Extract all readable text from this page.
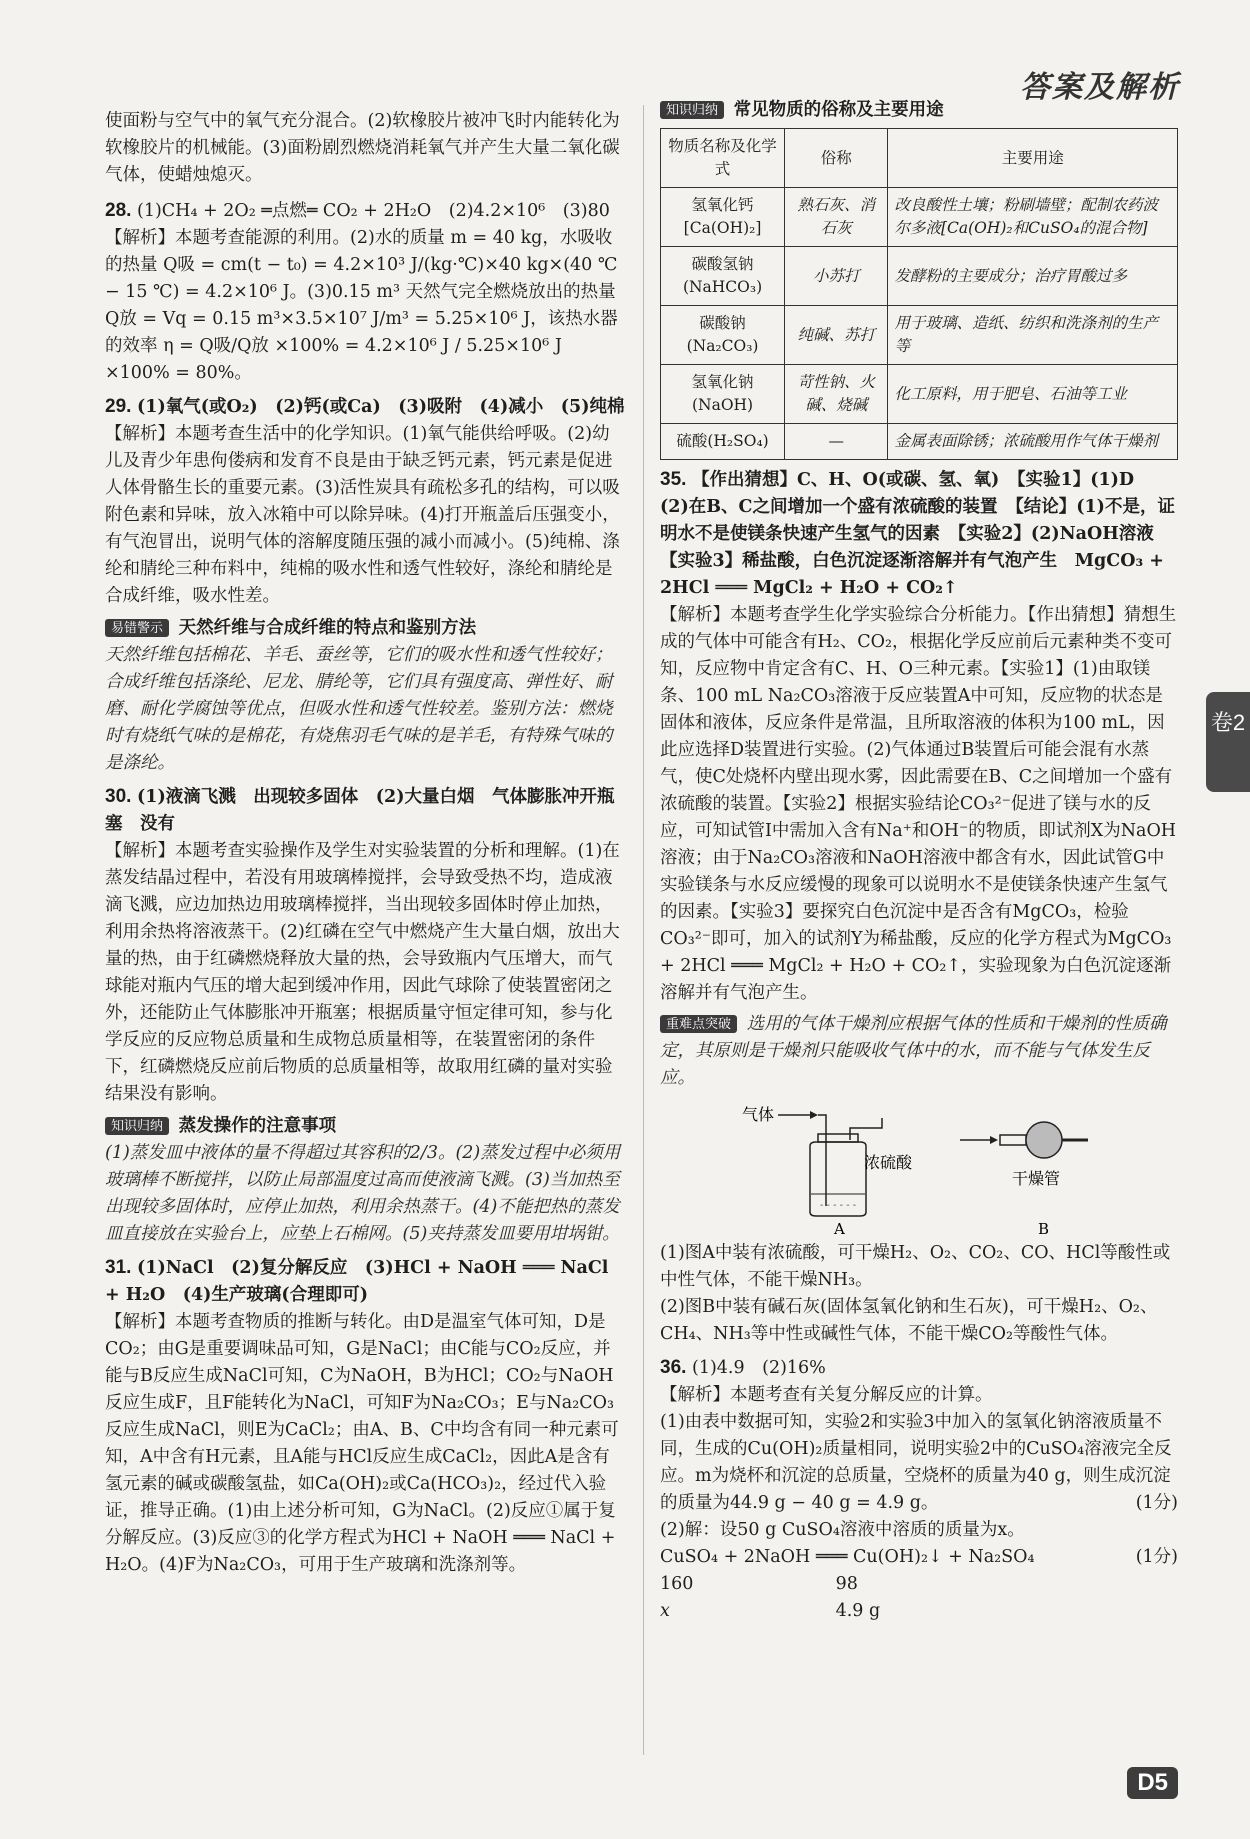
答案及解析

使面粉与空气中的氧气充分混合。(2)软橡胶片被冲飞时内能转化为软橡胶片的机械能。(3)面粉剧烈燃烧消耗氧气并产生大量二氧化碳气体，使蜡烛熄灭。

28. (1)CH₄ + 2O₂ ═点燃═ CO₂ + 2H₂O　(2)4.2×10⁶　(3)80

【解析】本题考查能源的利用。(2)水的质量 m = 40 kg，水吸收的热量 Q吸 = cm(t − t₀) = 4.2×10³ J/(kg·℃)×40 kg×(40 ℃ − 15 ℃) = 4.2×10⁶ J。(3)0.15 m³ 天然气完全燃烧放出的热量 Q放 = Vq = 0.15 m³×3.5×10⁷ J/m³ = 5.25×10⁶ J，该热水器的效率 η = Q吸/Q放 ×100% = 4.2×10⁶ J / 5.25×10⁶ J ×100% = 80%。

29. (1)氧气(或O₂)　(2)钙(或Ca)　(3)吸附　(4)减小　(5)纯棉

【解析】本题考查生活中的化学知识。(1)氧气能供给呼吸。(2)幼儿及青少年患佝偻病和发育不良是由于缺乏钙元素，钙元素是促进人体骨骼生长的重要元素。(3)活性炭具有疏松多孔的结构，可以吸附色素和异味，放入冰箱中可以除异味。(4)打开瓶盖后压强变小，有气泡冒出，说明气体的溶解度随压强的减小而减小。(5)纯棉、涤纶和腈纶三种布料中，纯棉的吸水性和透气性较好，涤纶和腈纶是合成纤维，吸水性差。

易错警示 天然纤维与合成纤维的特点和鉴别方法

天然纤维包括棉花、羊毛、蚕丝等，它们的吸水性和透气性较好；合成纤维包括涤纶、尼龙、腈纶等，它们具有强度高、弹性好、耐磨、耐化学腐蚀等优点，但吸水性和透气性较差。鉴别方法：燃烧时有烧纸气味的是棉花，有烧焦羽毛气味的是羊毛，有特殊气味的是涤纶。

30. (1)液滴飞溅　出现较多固体　(2)大量白烟　气体膨胀冲开瓶塞　没有

【解析】本题考查实验操作及学生对实验装置的分析和理解。(1)在蒸发结晶过程中，若没有用玻璃棒搅拌，会导致受热不均，造成液滴飞溅，应边加热边用玻璃棒搅拌，当出现较多固体时停止加热，利用余热将溶液蒸干。(2)红磷在空气中燃烧产生大量白烟，放出大量的热，由于红磷燃烧释放大量的热，会导致瓶内气压增大，而气球能对瓶内气压的增大起到缓冲作用，因此气球除了使装置密闭之外，还能防止气体膨胀冲开瓶塞；根据质量守恒定律可知，参与化学反应的反应物总质量和生成物总质量相等，在装置密闭的条件下，红磷燃烧反应前后物质的总质量相等，故取用红磷的量对实验结果没有影响。

知识归纳 蒸发操作的注意事项

(1)蒸发皿中液体的量不得超过其容积的2/3。(2)蒸发过程中必须用玻璃棒不断搅拌，以防止局部温度过高而使液滴飞溅。(3)当加热至出现较多固体时，应停止加热，利用余热蒸干。(4)不能把热的蒸发皿直接放在实验台上，应垫上石棉网。(5)夹持蒸发皿要用坩埚钳。

31. (1)NaCl　(2)复分解反应　(3)HCl + NaOH ═══ NaCl + H₂O　(4)生产玻璃(合理即可)

【解析】本题考查物质的推断与转化。由D是温室气体可知，D是CO₂；由G是重要调味品可知，G是NaCl；由C能与CO₂反应，并能与B反应生成NaCl可知，C为NaOH，B为HCl；CO₂与NaOH反应生成F，且F能转化为NaCl，可知F为Na₂CO₃；E与Na₂CO₃反应生成NaCl，则E为CaCl₂；由A、B、C中均含有同一种元素可知，A中含有H元素，且A能与HCl反应生成CaCl₂，因此A是含有氢元素的碱或碳酸氢盐，如Ca(OH)₂或Ca(HCO₃)₂，经过代入验证，推导正确。(1)由上述分析可知，G为NaCl。(2)反应①属于复分解反应。(3)反应③的化学方程式为HCl + NaOH ═══ NaCl + H₂O。(4)F为Na₂CO₃，可用于生产玻璃和洗涤剂等。

知识归纳 常见物质的俗称及主要用途

物质名称及化学式	俗称	主要用途
氢氧化钙[Ca(OH)₂]	熟石灰、消石灰	改良酸性土壤；粉刷墙壁；配制农药波尔多液[Ca(OH)₂和CuSO₄的混合物]
碳酸氢钠(NaHCO₃)	小苏打	发酵粉的主要成分；治疗胃酸过多
碳酸钠(Na₂CO₃)	纯碱、苏打	用于玻璃、造纸、纺织和洗涤剂的生产等
氢氧化钠(NaOH)	苛性钠、火碱、烧碱	化工原料，用于肥皂、石油等工业
硫酸(H₂SO₄)	—	金属表面除锈；浓硫酸用作气体干燥剂

35. 【作出猜想】C、H、O(或碳、氢、氧)　【实验1】(1)D　(2)在B、C之间增加一个盛有浓硫酸的装置　【结论】(1)不是，证明水不是使镁条快速产生氢气的因素　【实验2】(2)NaOH溶液　【实验3】稀盐酸，白色沉淀逐渐溶解并有气泡产生　MgCO₃ + 2HCl ═══ MgCl₂ + H₂O + CO₂↑

【解析】本题考查学生化学实验综合分析能力。【作出猜想】猜想生成的气体中可能含有H₂、CO₂，根据化学反应前后元素种类不变可知，反应物中肯定含有C、H、O三种元素。【实验1】(1)由取镁条、100 mL Na₂CO₃溶液于反应装置A中可知，反应物的状态是固体和液体，反应条件是常温，且所取溶液的体积为100 mL，因此应选择D装置进行实验。(2)气体通过B装置后可能会混有水蒸气，使C处烧杯内壁出现水雾，因此需要在B、C之间增加一个盛有浓硫酸的装置。【实验2】根据实验结论CO₃²⁻促进了镁与水的反应，可知试管I中需加入含有Na⁺和OH⁻的物质，即试剂X为NaOH溶液；由于Na₂CO₃溶液和NaOH溶液中都含有水，因此试管G中实验镁条与水反应缓慢的现象可以说明水不是使镁条快速产生氢气的因素。【实验3】要探究白色沉淀中是否含有MgCO₃，检验CO₃²⁻即可，加入的试剂Y为稀盐酸，反应的化学方程式为MgCO₃ + 2HCl ═══ MgCl₂ + H₂O + CO₂↑，实验现象为白色沉淀逐渐溶解并有气泡产生。

重难点突破 选用的气体干燥剂应根据气体的性质和干燥剂的性质确定，其原则是干燥剂只能吸收气体中的水，而不能与气体发生反应。

气体
- - - - - -
浓硫酸
A
干燥管
B

(1)图A中装有浓硫酸，可干燥H₂、O₂、CO₂、CO、HCl等酸性或中性气体，不能干燥NH₃。

(2)图B中装有碱石灰(固体氢氧化钠和生石灰)，可干燥H₂、O₂、CH₄、NH₃等中性或碱性气体，不能干燥CO₂等酸性气体。

36. (1)4.9　(2)16%

【解析】本题考查有关复分解反应的计算。

(1)由表中数据可知，实验2和实验3中加入的氢氧化钠溶液质量不同，生成的Cu(OH)₂质量相同，说明实验2中的CuSO₄溶液完全反应。m为烧杯和沉淀的总质量，空烧杯的质量为40 g，则生成沉淀的质量为44.9 g − 40 g = 4.9 g。	(1分)

(2)解：设50 g CuSO₄溶液中溶质的质量为x。

CuSO₄ + 2NaOH ═══ Cu(OH)₂↓ + Na₂SO₄	(1分)

160	98

x	4.9 g

卷2
D5
